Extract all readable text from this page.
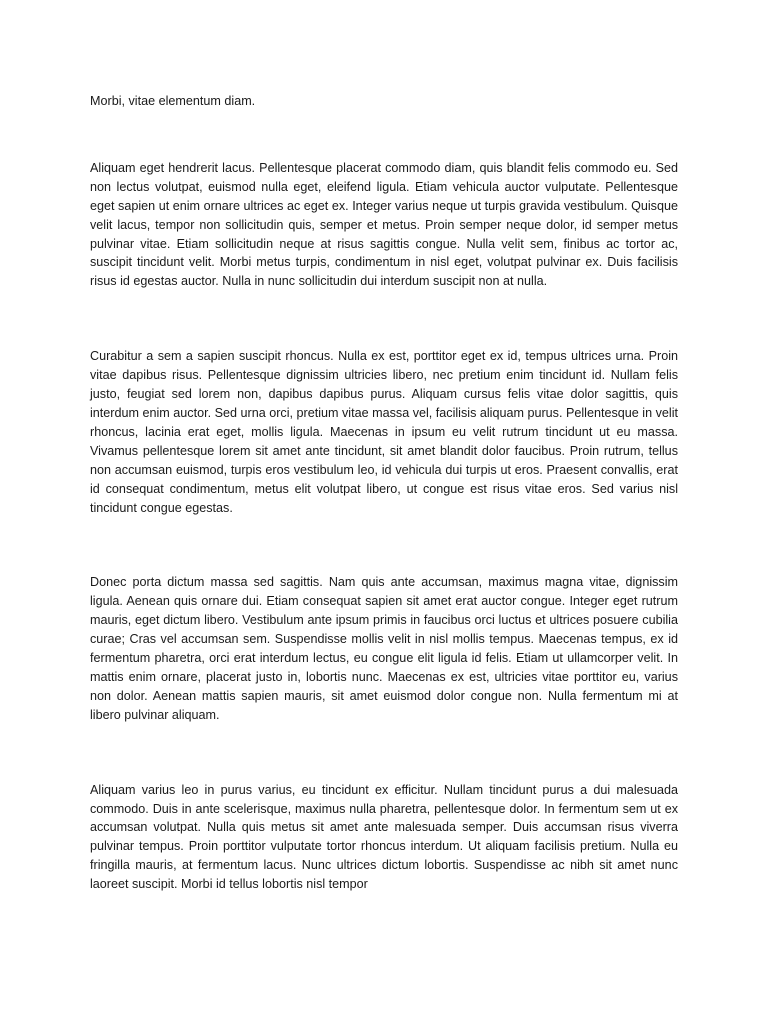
Morbi, vitae elementum diam.

Aliquam eget hendrerit lacus. Pellentesque placerat commodo diam, quis blandit felis commodo eu. Sed non lectus volutpat, euismod nulla eget, eleifend ligula. Etiam vehicula auctor vulputate. Pellentesque eget sapien ut enim ornare ultrices ac eget ex. Integer varius neque ut turpis gravida vestibulum. Quisque velit lacus, tempor non sollicitudin quis, semper et metus. Proin semper neque dolor, id semper metus pulvinar vitae. Etiam sollicitudin neque at risus sagittis congue. Nulla velit sem, finibus ac tortor ac, suscipit tincidunt velit. Morbi metus turpis, condimentum in nisl eget, volutpat pulvinar ex. Duis facilisis risus id egestas auctor. Nulla in nunc sollicitudin dui interdum suscipit non at nulla.

Curabitur a sem a sapien suscipit rhoncus. Nulla ex est, porttitor eget ex id, tempus ultrices urna. Proin vitae dapibus risus. Pellentesque dignissim ultricies libero, nec pretium enim tincidunt id. Nullam felis justo, feugiat sed lorem non, dapibus dapibus purus. Aliquam cursus felis vitae dolor sagittis, quis interdum enim auctor. Sed urna orci, pretium vitae massa vel, facilisis aliquam purus. Pellentesque in velit rhoncus, lacinia erat eget, mollis ligula. Maecenas in ipsum eu velit rutrum tincidunt ut eu massa. Vivamus pellentesque lorem sit amet ante tincidunt, sit amet blandit dolor faucibus. Proin rutrum, tellus non accumsan euismod, turpis eros vestibulum leo, id vehicula dui turpis ut eros. Praesent convallis, erat id consequat condimentum, metus elit volutpat libero, ut congue est risus vitae eros. Sed varius nisl tincidunt congue egestas.

Donec porta dictum massa sed sagittis. Nam quis ante accumsan, maximus magna vitae, dignissim ligula. Aenean quis ornare dui. Etiam consequat sapien sit amet erat auctor congue. Integer eget rutrum mauris, eget dictum libero. Vestibulum ante ipsum primis in faucibus orci luctus et ultrices posuere cubilia curae; Cras vel accumsan sem. Suspendisse mollis velit in nisl mollis tempus. Maecenas tempus, ex id fermentum pharetra, orci erat interdum lectus, eu congue elit ligula id felis. Etiam ut ullamcorper velit. In mattis enim ornare, placerat justo in, lobortis nunc. Maecenas ex est, ultricies vitae porttitor eu, varius non dolor. Aenean mattis sapien mauris, sit amet euismod dolor congue non. Nulla fermentum mi at libero pulvinar aliquam.

Aliquam varius leo in purus varius, eu tincidunt ex efficitur. Nullam tincidunt purus a dui malesuada commodo. Duis in ante scelerisque, maximus nulla pharetra, pellentesque dolor. In fermentum sem ut ex accumsan volutpat. Nulla quis metus sit amet ante malesuada semper. Duis accumsan risus viverra pulvinar tempus. Proin porttitor vulputate tortor rhoncus interdum. Ut aliquam facilisis pretium. Nulla eu fringilla mauris, at fermentum lacus. Nunc ultrices dictum lobortis. Suspendisse ac nibh sit amet nunc laoreet suscipit. Morbi id tellus lobortis nisl tempor
